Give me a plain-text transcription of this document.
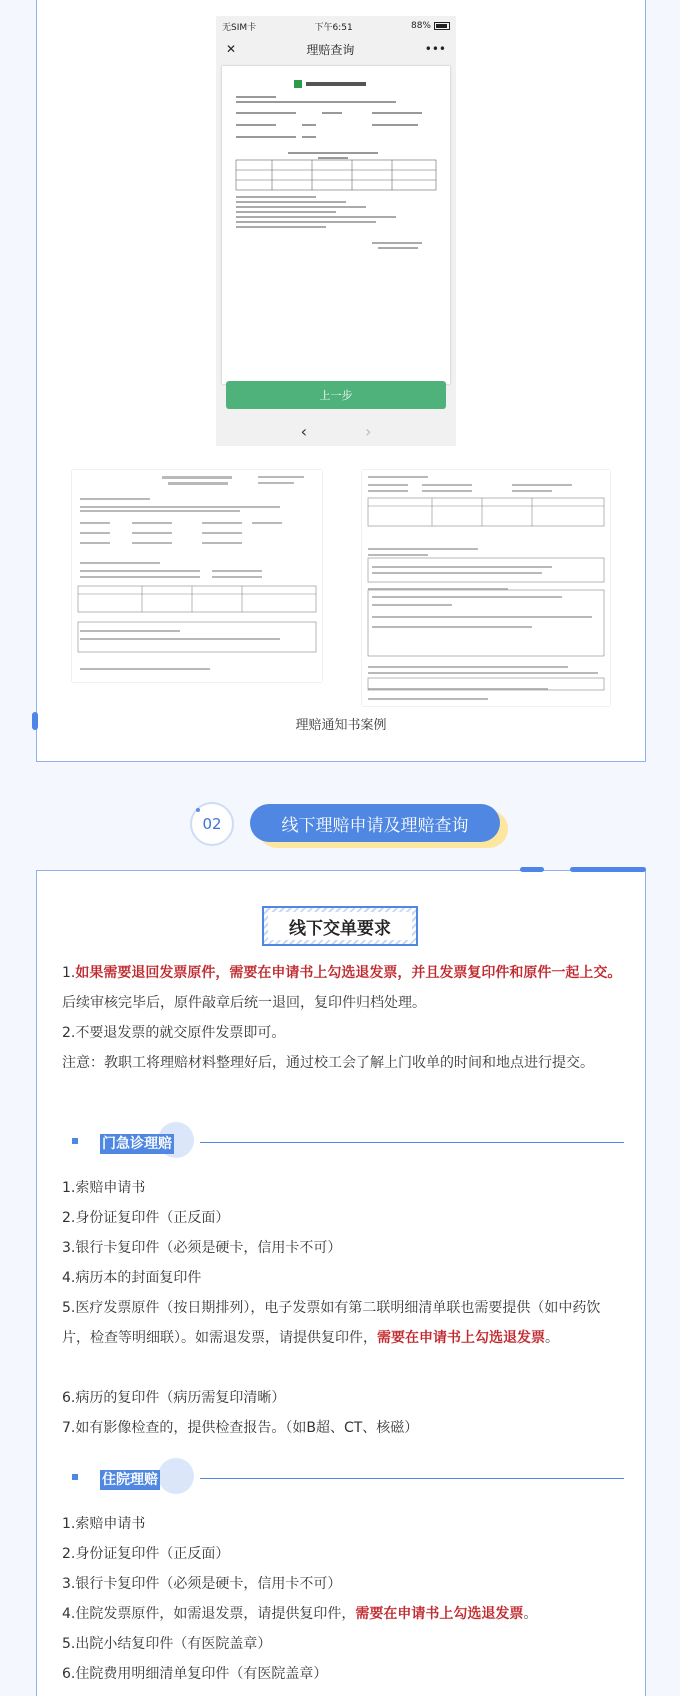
无SIM卡	下午6:51	88%
✕	理赔查询	•••
上一步
‹	›
理赔通知书案例
02	线下理赔申请及理赔查询
线下交单要求
1.如果需要退回发票原件，需要在申请书上勾选退发票，并且发票复印件和原件一起上交。后续审核完毕后，原件敲章后统一退回，复印件归档处理。
2.不要退发票的就交原件发票即可。
注意：教职工将理赔材料整理好后，通过校工会了解上门收单的时间和地点进行提交。
门急诊理赔
1.索赔申请书
2.身份证复印件（正反面）
3.银行卡复印件（必须是硬卡，信用卡不可）
4.病历本的封面复印件
5.医疗发票原件（按日期排列），电子发票如有第二联明细清单联也需要提供（如中药饮片，检查等明细联）。如需退发票，请提供复印件，需要在申请书上勾选退发票。
6.病历的复印件（病历需复印清晰）
7.如有影像检查的，提供检查报告。（如B超、CT、核磁）
住院理赔
1.索赔申请书
2.身份证复印件（正反面）
3.银行卡复印件（必须是硬卡，信用卡不可）
4.住院发票原件，如需退发票，请提供复印件，需要在申请书上勾选退发票。
5.出院小结复印件（有医院盖章）
6.住院费用明细清单复印件（有医院盖章）
